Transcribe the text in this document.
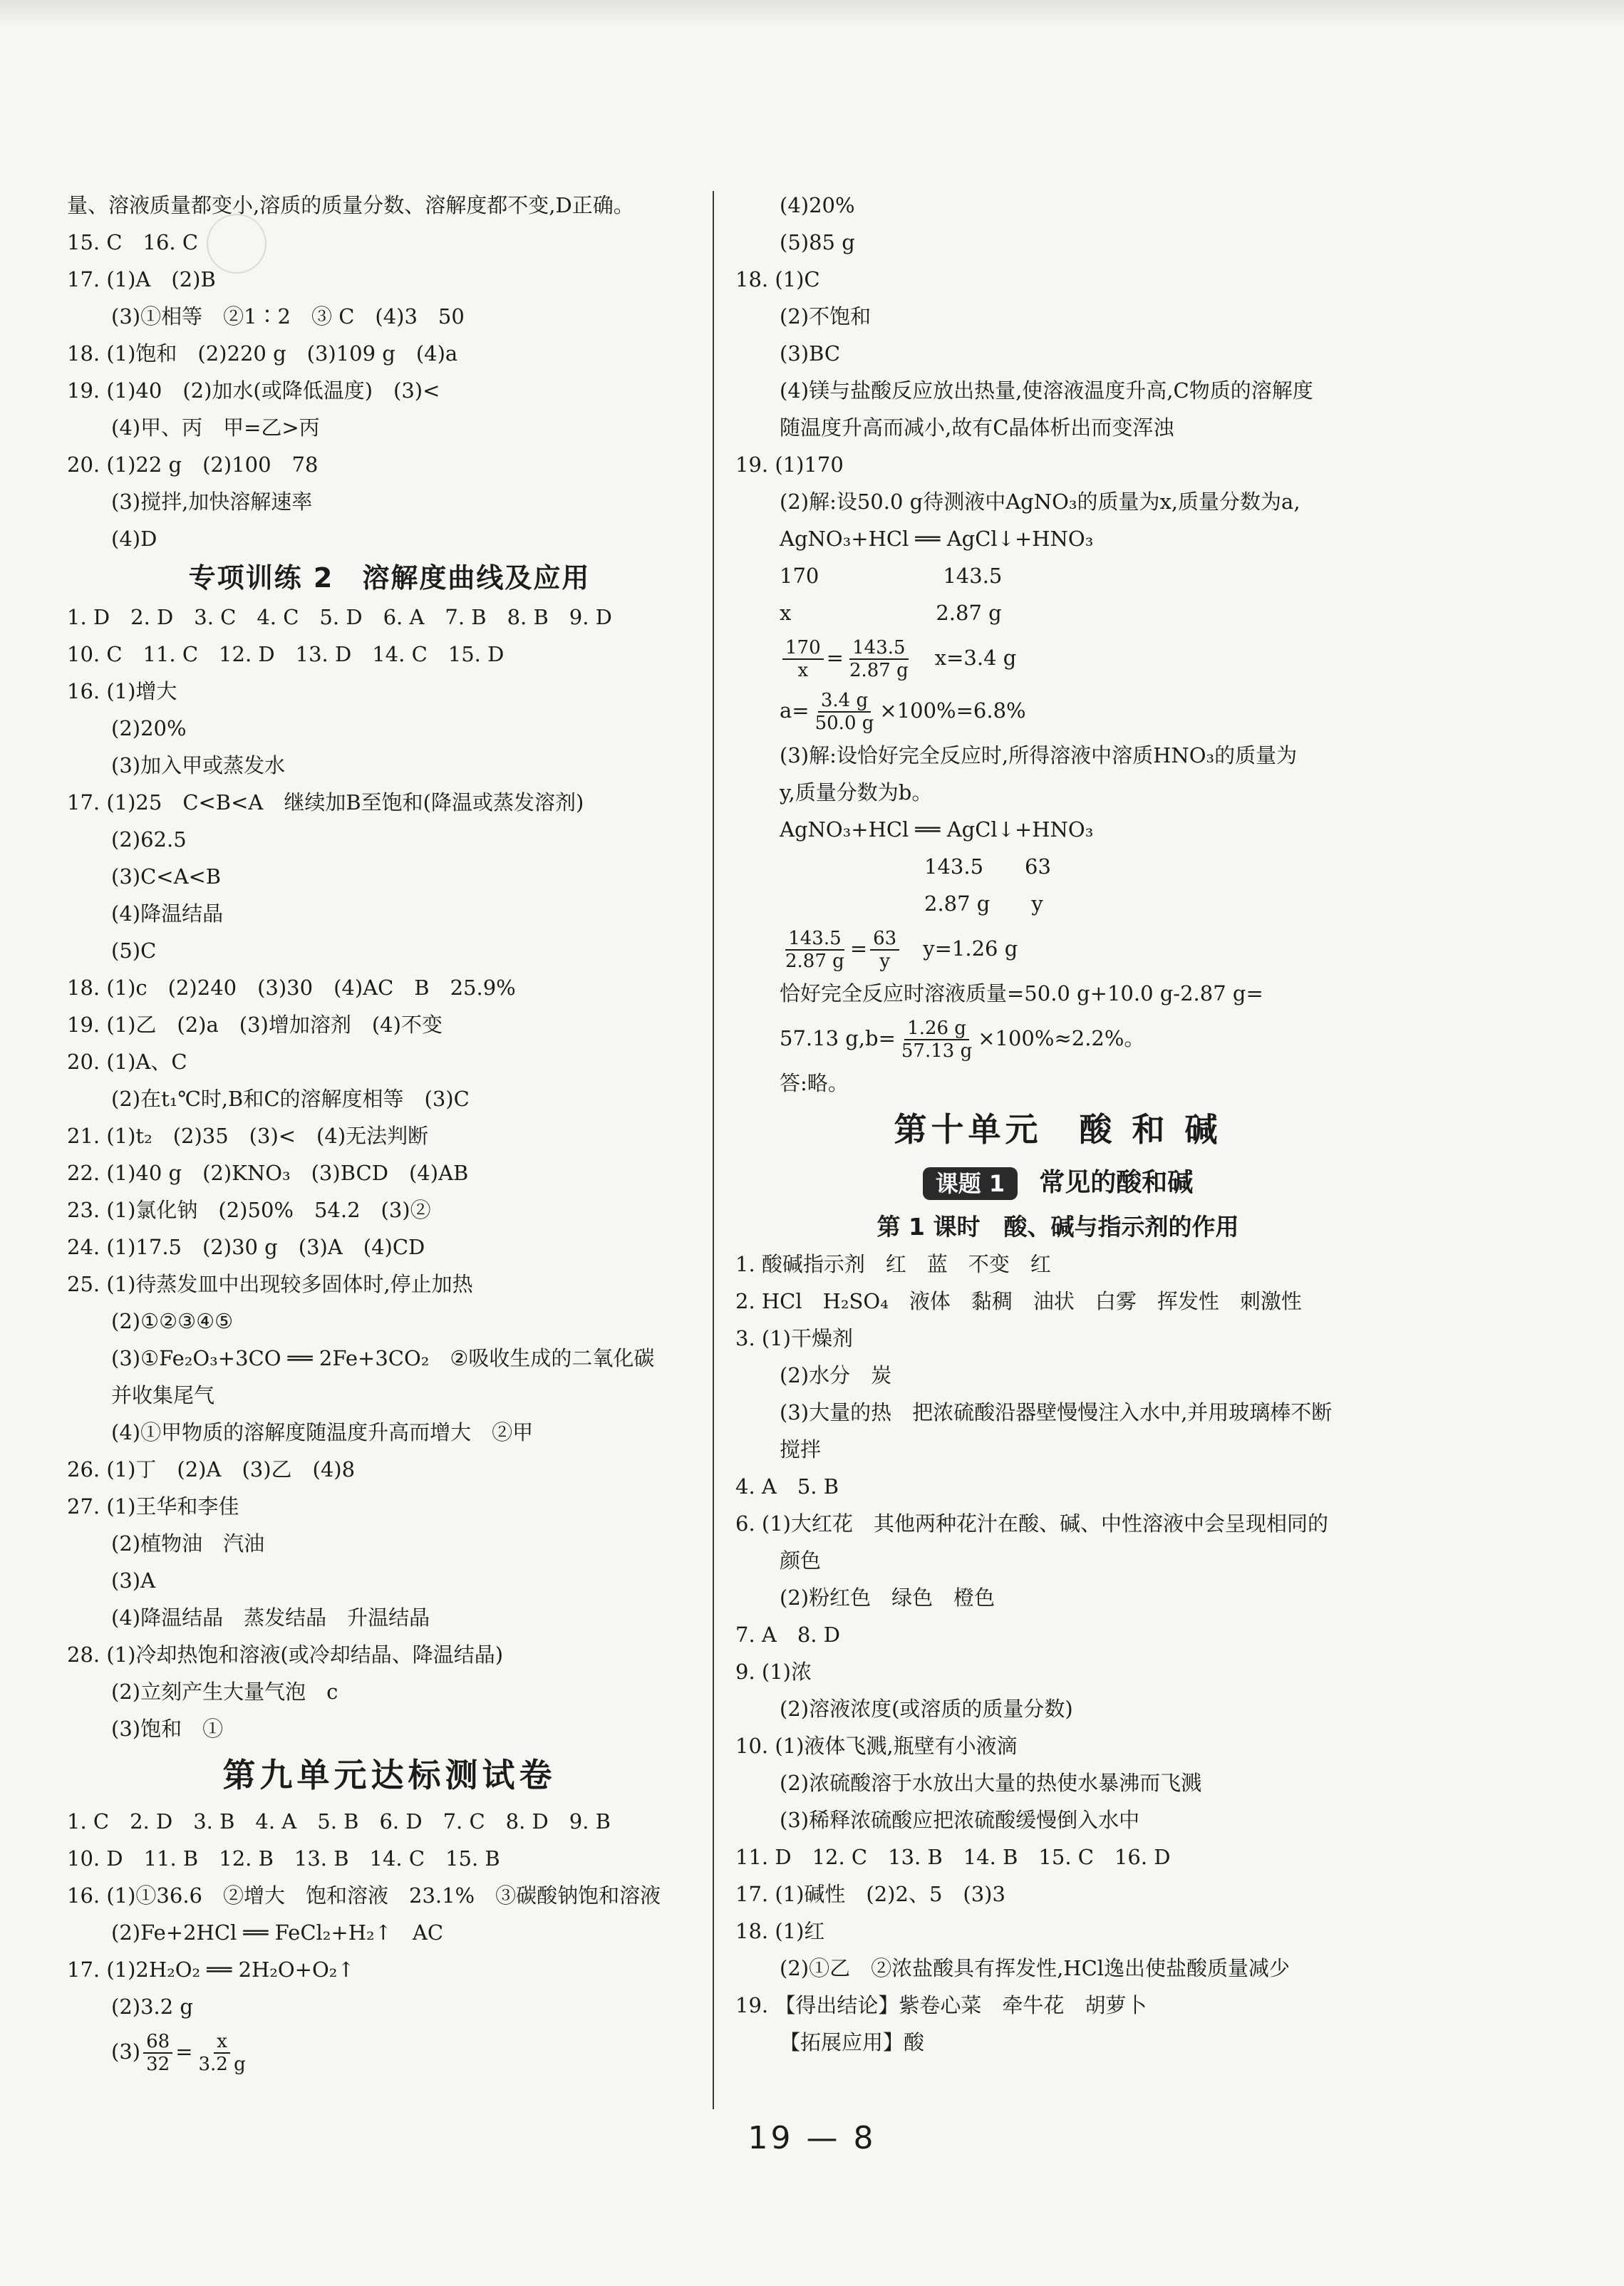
量、溶液质量都变小,溶质的质量分数、溶解度都不变,D正确。
15. C　16. C
17. (1)A　(2)B
(3)①相等　②1∶2　③ C　(4)3　50
18. (1)饱和　(2)220 g　(3)109 g　(4)a
19. (1)40　(2)加水(或降低温度)　(3)<
(4)甲、丙　甲=乙>丙
20. (1)22 g　(2)100　78
(3)搅拌,加快溶解速率
(4)D
专项训练 2　溶解度曲线及应用
1. D　2. D　3. C　4. C　5. D　6. A　7. B　8. B　9. D
10. C　11. C　12. D　13. D　14. C　15. D
16. (1)增大
(2)20%
(3)加入甲或蒸发水
17. (1)25　C<B<A　继续加B至饱和(降温或蒸发溶剂)
(2)62.5
(3)C<A<B
(4)降温结晶
(5)C
18. (1)c　(2)240　(3)30　(4)AC　B　25.9%
19. (1)乙　(2)a　(3)增加溶剂　(4)不变
20. (1)A、C
(2)在t₁℃时,B和C的溶解度相等　(3)C
21. (1)t₂　(2)35　(3)<　(4)无法判断
22. (1)40 g　(2)KNO₃　(3)BCD　(4)AB
23. (1)氯化钠　(2)50%　54.2　(3)②
24. (1)17.5　(2)30 g　(3)A　(4)CD
25. (1)待蒸发皿中出现较多固体时,停止加热
(2)①②③④⑤
(3)①Fe₂O₃+3CO ══ 2Fe+3CO₂　②吸收生成的二氧化碳
并收集尾气
(4)①甲物质的溶解度随温度升高而增大　②甲
26. (1)丁　(2)A　(3)乙　(4)8
27. (1)王华和李佳
(2)植物油　汽油
(3)A
(4)降温结晶　蒸发结晶　升温结晶
28. (1)冷却热饱和溶液(或冷却结晶、降温结晶)
(2)立刻产生大量气泡　c
(3)饱和　①
第九单元达标测试卷
1. C　2. D　3. B　4. A　5. B　6. D　7. C　8. D　9. B
10. D　11. B　12. B　13. B　14. C　15. B
16. (1)①36.6　②增大　饱和溶液　23.1%　③碳酸钠饱和溶液
(2)Fe+2HCl ══ FeCl₂+H₂↑　AC
17. (1)2H₂O₂ ══ 2H₂O+O₂↑
(2)3.2 g
$(3) \frac{68}{32} = \frac{x}{3.2 g}$
(4)20%
(5)85 g
18. (1)C
(2)不饱和
(3)BC
(4)镁与盐酸反应放出热量,使溶液温度升高,C物质的溶解度
随温度升高而减小,故有C晶体析出而变浑浊
19. (1)170
(2)解:设50.0 g待测液中AgNO₃的质量为x,质量分数为a,
AgNO₃+HCl ══ AgCl↓+HNO₃
170　　　　　　143.5
x　　　　　　　2.87 g
$\frac{170}{x} = \frac{143.5}{2.87 g}$ 　x=3.4 g
$a= \frac{3.4 g}{50.0 g} \times 100\%=6.8\%$
(3)解:设恰好完全反应时,所得溶液中溶质HNO₃的质量为
y,质量分数为b。
AgNO₃+HCl ══ AgCl↓+HNO₃
　　　　　　　143.5　　63
　　　　　　　2.87 g　　y
$\frac{143.5}{2.87 g} = \frac{63}{y}$ 　y=1.26 g
恰好完全反应时溶液质量=50.0 g+10.0 g-2.87 g=
57.13 $g,b= \frac{1.26 g}{57.13 g} \times 100\%\approx 2.2\%$。
答:略。
第十单元　酸 和 碱
课题 1 常见的酸和碱
第 1 课时　酸、碱与指示剂的作用
1. 酸碱指示剂　红　蓝　不变　红
2. HCl　H₂SO₄　液体　黏稠　油状　白雾　挥发性　刺激性
3. (1)干燥剂
(2)水分　炭
(3)大量的热　把浓硫酸沿器壁慢慢注入水中,并用玻璃棒不断
搅拌
4. A　5. B
6. (1)大红花　其他两种花汁在酸、碱、中性溶液中会呈现相同的
颜色
(2)粉红色　绿色　橙色
7. A　8. D
9. (1)浓
(2)溶液浓度(或溶质的质量分数)
10. (1)液体飞溅,瓶壁有小液滴
(2)浓硫酸溶于水放出大量的热使水暴沸而飞溅
(3)稀释浓硫酸应把浓硫酸缓慢倒入水中
11. D　12. C　13. B　14. B　15. C　16. D
17. (1)碱性　(2)2、5　(3)3
18. (1)红
(2)①乙　②浓盐酸具有挥发性,HCl逸出使盐酸质量减少
19. 【得出结论】紫卷心菜　牵牛花　胡萝卜
【拓展应用】酸
19 — 8
